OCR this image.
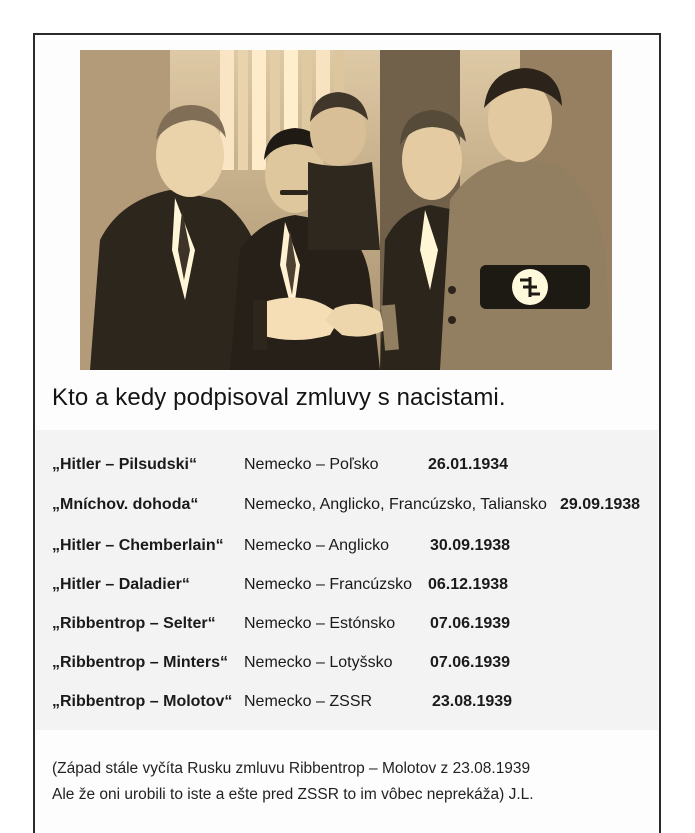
Kto a kedy podpisoval zmluvy s nacistami.
„Hitler – Pilsudski“	Nemecko – Poľsko	26.01.1934
„Mníchov. dohoda“	Nemecko, Anglicko, Francúzsko, Taliansko 29.09.1938
„Hitler – Chemberlain“ Nemecko – Anglicko	30.09.1938
„Hitler – Daladier“	Nemecko – Francúzsko 06.12.1938
„Ribbentrop – Selter“ Nemecko – Estónsko 07.06.1939
„Ribbentrop – Minters“ Nemecko – Lotyšsko 07.06.1939
„Ribbentrop – Molotov“ Nemecko – ZSSR	23.08.1939
(Západ stále vyčíta Rusku zmluvu Ribbentrop – Molotov z 23.08.1939
Ale že oni urobili to iste a ešte pred ZSSR to im vôbec neprekáža) J.L.
